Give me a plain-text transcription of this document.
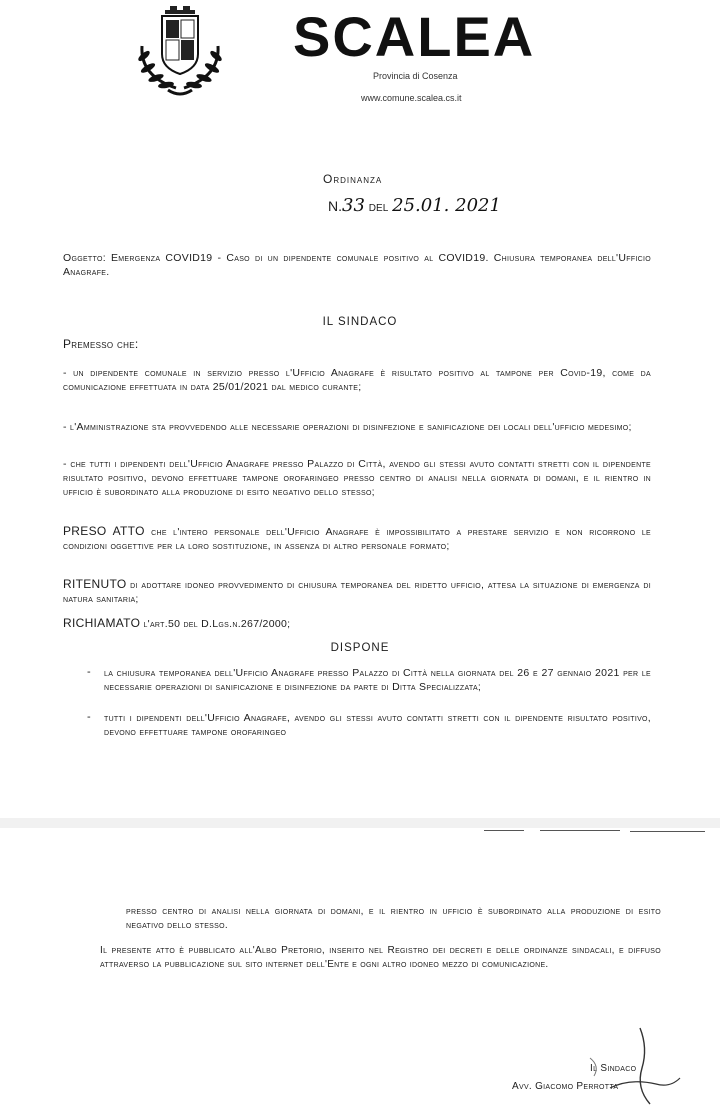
SCALEA
Provincia di Cosenza
www.comune.scalea.cs.it
Ordinanza
N.33 del 25.01. 2021
Oggetto: Emergenza COVID19 - Caso di un dipendente comunale positivo al COVID19. Chiusura temporanea dell'Ufficio Anagrafe.
IL SINDACO
Premesso che:
- un dipendente comunale in servizio presso l'Ufficio Anagrafe è risultato positivo al tampone per Covid-19, come da comunicazione effettuata in data 25/01/2021 dal medico curante;
- l'Amministrazione sta provvedendo alle necessarie operazioni di disinfezione e sanificazione dei locali dell'ufficio medesimo;
- che tutti i dipendenti dell'Ufficio Anagrafe presso Palazzo di Città, avendo gli stessi avuto contatti stretti con il dipendente risultato positivo, devono effettuare tampone orofaringeo presso centro di analisi nella giornata di domani, e il rientro in ufficio è subordinato alla produzione di esito negativo dello stesso;
PRESO ATTO che l'intero personale dell'Ufficio Anagrafe è impossibilitato a prestare servizio e non ricorrono le condizioni oggettive per la loro sostituzione, in assenza di altro personale formato;
RITENUTO di adottare idoneo provvedimento di chiusura temporanea del ridetto ufficio, attesa la situazione di emergenza di natura sanitaria;
RICHIAMATO l'art.50 del D.Lgs.n.267/2000;
DISPONE
- la chiusura temporanea dell'Ufficio Anagrafe presso Palazzo di Città nella giornata del 26 e 27 gennaio 2021 per le necessarie operazioni di sanificazione e disinfezione da parte di Ditta Specializzata;
- tutti i dipendenti dell'Ufficio Anagrafe, avendo gli stessi avuto contatti stretti con il dipendente risultato positivo, devono effettuare tampone orofaringeo
presso centro di analisi nella giornata di domani, e il rientro in ufficio è subordinato alla produzione di esito negativo dello stesso.
Il presente atto è pubblicato all'Albo Pretorio, inserito nel Registro dei decreti e delle ordinanze sindacali, e diffuso attraverso la pubblicazione sul sito internet dell'Ente e ogni altro idoneo mezzo di comunicazione.
Il Sindaco
Avv. Giacomo Perrotta
